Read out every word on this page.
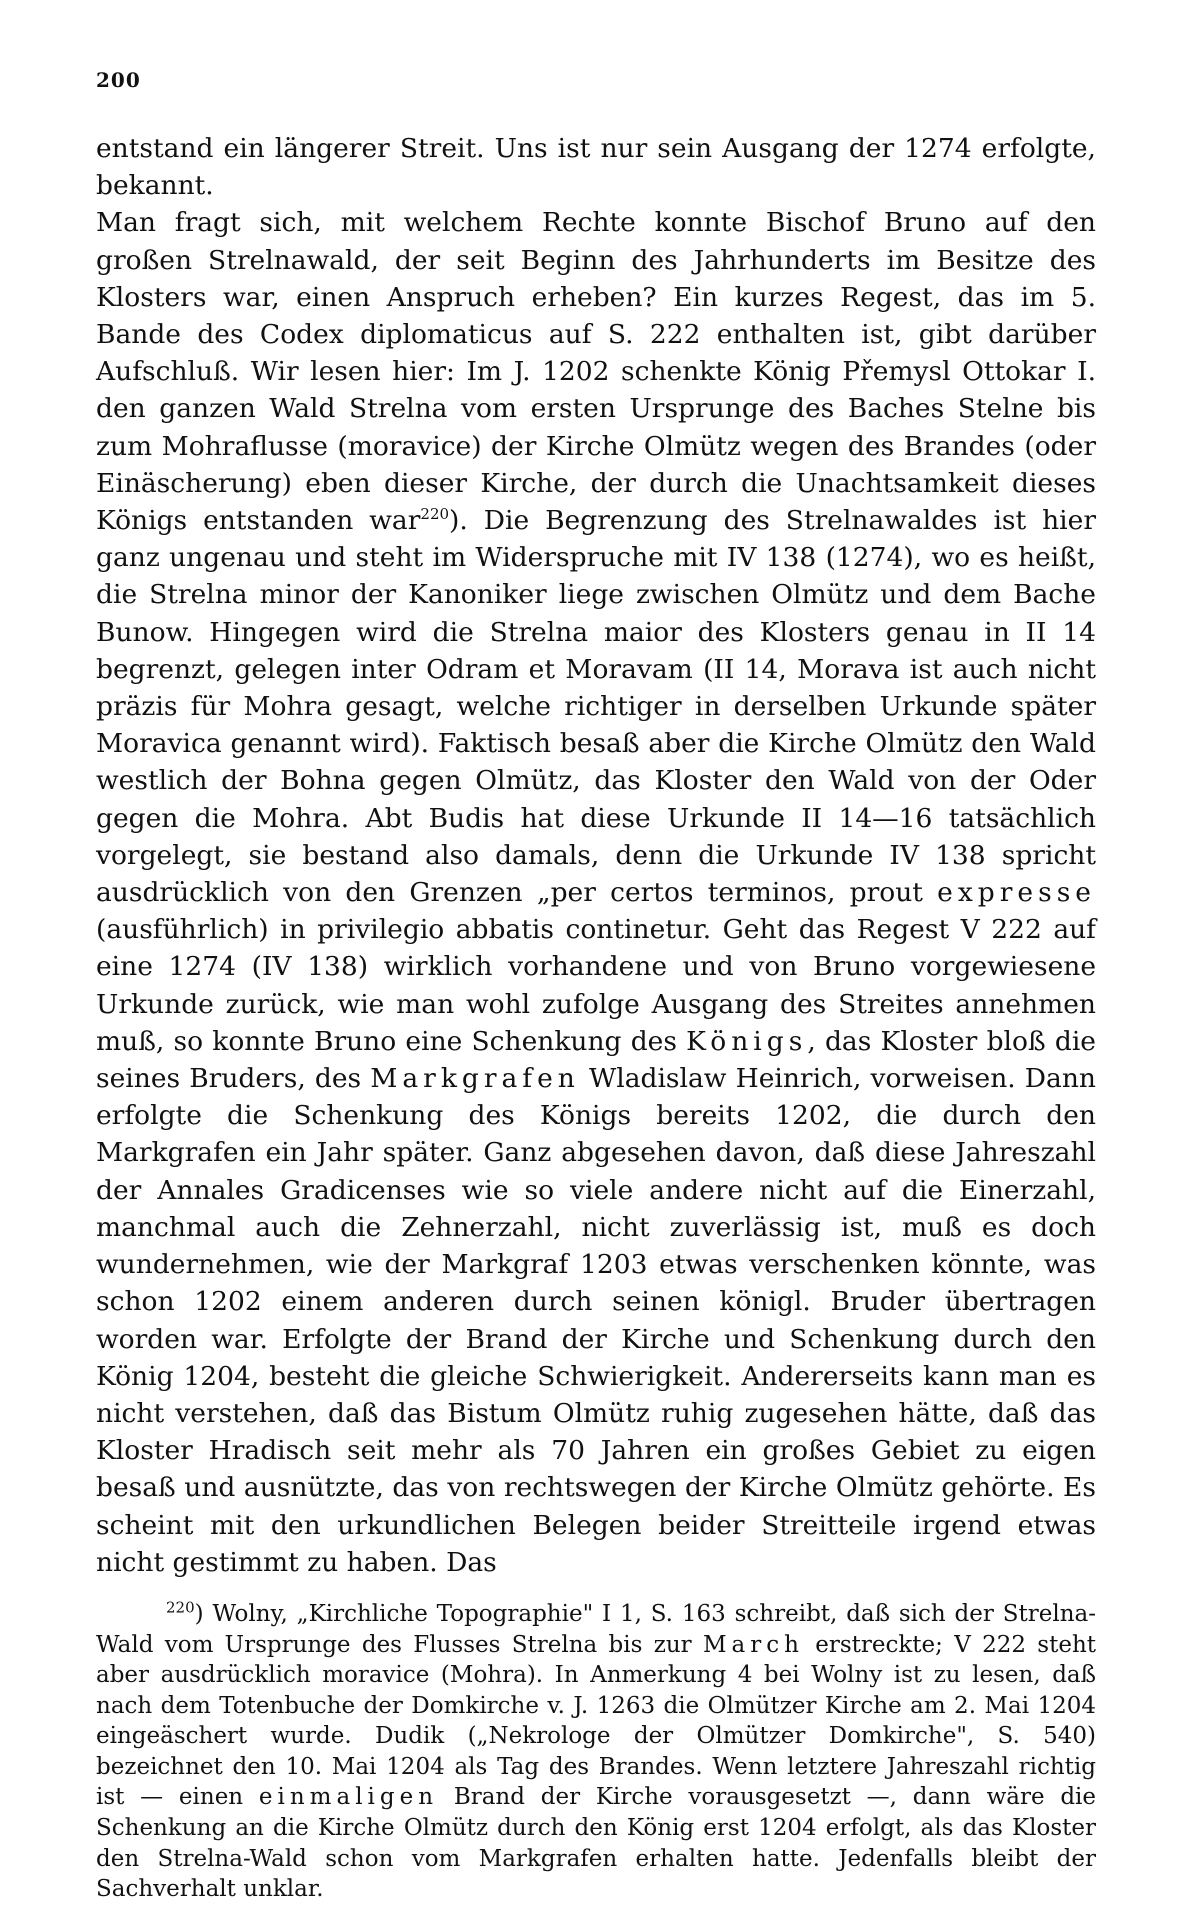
200

entstand ein längerer Streit. Uns ist nur sein Ausgang der 1274 erfolgte, bekannt.

Man fragt sich, mit welchem Rechte konnte Bischof Bruno auf den großen Strelnawald, der seit Beginn des Jahrhunderts im Besitze des Klosters war, einen Anspruch erheben? Ein kurzes Regest, das im 5. Bande des Codex diplomaticus auf S. 222 enthalten ist, gibt darüber Aufschluß. Wir lesen hier: Im J. 1202 schenkte König Přemysl Ottokar I. den ganzen Wald Strelna vom ersten Ursprunge des Baches Stelne bis zum Mohraflusse (moravice) der Kirche Olmütz wegen des Brandes (oder Einäscherung) eben dieser Kirche, der durch die Unachtsamkeit dieses Königs entstanden war$^{220}$). Die Begrenzung des Strelnawaldes ist hier ganz ungenau und steht im Widerspruche mit IV 138 (1274), wo es heißt, die Strelna minor der Kanoniker liege zwischen Olmütz und dem Bache Bunow. Hingegen wird die Strelna maior des Klosters genau in II 14 begrenzt, gelegen inter Odram et Moravam (II 14, Morava ist auch nicht präzis für Mohra gesagt, welche richtiger in derselben Urkunde später Moravica genannt wird). Faktisch besaß aber die Kirche Olmütz den Wald westlich der Bohna gegen Olmütz, das Kloster den Wald von der Oder gegen die Mohra. Abt Budis hat diese Urkunde II 14—16 tatsächlich vorgelegt, sie bestand also damals, denn die Urkunde IV 138 spricht ausdrücklich von den Grenzen „per certos terminos, prout expresse (ausführlich) in privilegio abbatis continetur. Geht das Regest V 222 auf eine 1274 (IV 138) wirklich vorhandene und von Bruno vorgewiesene Urkunde zurück, wie man wohl zufolge Ausgang des Streites annehmen muß, so konnte Bruno eine Schenkung des Königs, das Kloster bloß die seines Bruders, des Markgrafen Wladislaw Heinrich, vorweisen. Dann erfolgte die Schenkung des Königs bereits 1202, die durch den Markgrafen ein Jahr später. Ganz abgesehen davon, daß diese Jahreszahl der Annales Gradicenses wie so viele andere nicht auf die Einerzahl, manchmal auch die Zehnerzahl, nicht zuverlässig ist, muß es doch wundernehmen, wie der Markgraf 1203 etwas verschenken könnte, was schon 1202 einem anderen durch seinen königl. Bruder übertragen worden war. Erfolgte der Brand der Kirche und Schenkung durch den König 1204, besteht die gleiche Schwierigkeit. Andererseits kann man es nicht verstehen, daß das Bistum Olmütz ruhig zugesehen hätte, daß das Kloster Hradisch seit mehr als 70 Jahren ein großes Gebiet zu eigen besaß und ausnützte, das von rechtswegen der Kirche Olmütz gehörte. Es scheint mit den urkundlichen Belegen beider Streitteile irgend etwas nicht gestimmt zu haben. Das

$^{220}$) Wolny, „Kirchliche Topographie" I 1, S. 163 schreibt, daß sich der Strelna-Wald vom Ursprunge des Flusses Strelna bis zur March erstreckte; V 222 steht aber ausdrücklich moravice (Mohra). In Anmerkung 4 bei Wolny ist zu lesen, daß nach dem Totenbuche der Domkirche v. J. 1263 die Olmützer Kirche am 2. Mai 1204 eingeäschert wurde. Dudik („Nekrologe der Olmützer Domkirche", S. 540) bezeichnet den 10. Mai 1204 als Tag des Brandes. Wenn letztere Jahreszahl richtig ist — einen einmaligen Brand der Kirche vorausgesetzt —, dann wäre die Schenkung an die Kirche Olmütz durch den König erst 1204 erfolgt, als das Kloster den Strelna-Wald schon vom Markgrafen erhalten hatte. Jedenfalls bleibt der Sachverhalt unklar.
